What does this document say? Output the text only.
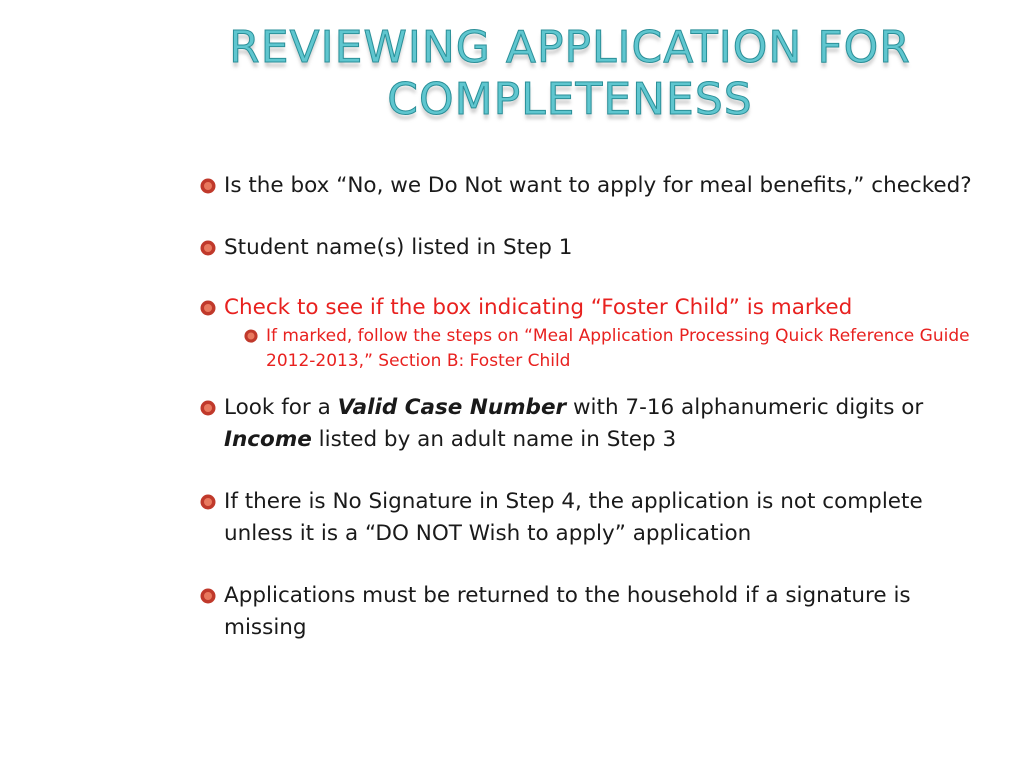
REVIEWING APPLICATION FOR
COMPLETENESS
Is the box “No, we Do Not want to apply for meal benefits,” checked?
Student name(s) listed in Step 1
Check to see if the box indicating “Foster Child” is marked
If marked, follow the steps on “Meal Application Processing Quick Reference Guide 2012-2013,” Section B: Foster Child
Look for a Valid Case Number with 7-16 alphanumeric digits or Income listed by an adult name in Step 3
If there is No Signature in Step 4, the application is not complete unless it is a “DO NOT Wish to apply” application
Applications must be returned to the household if a signature is missing
